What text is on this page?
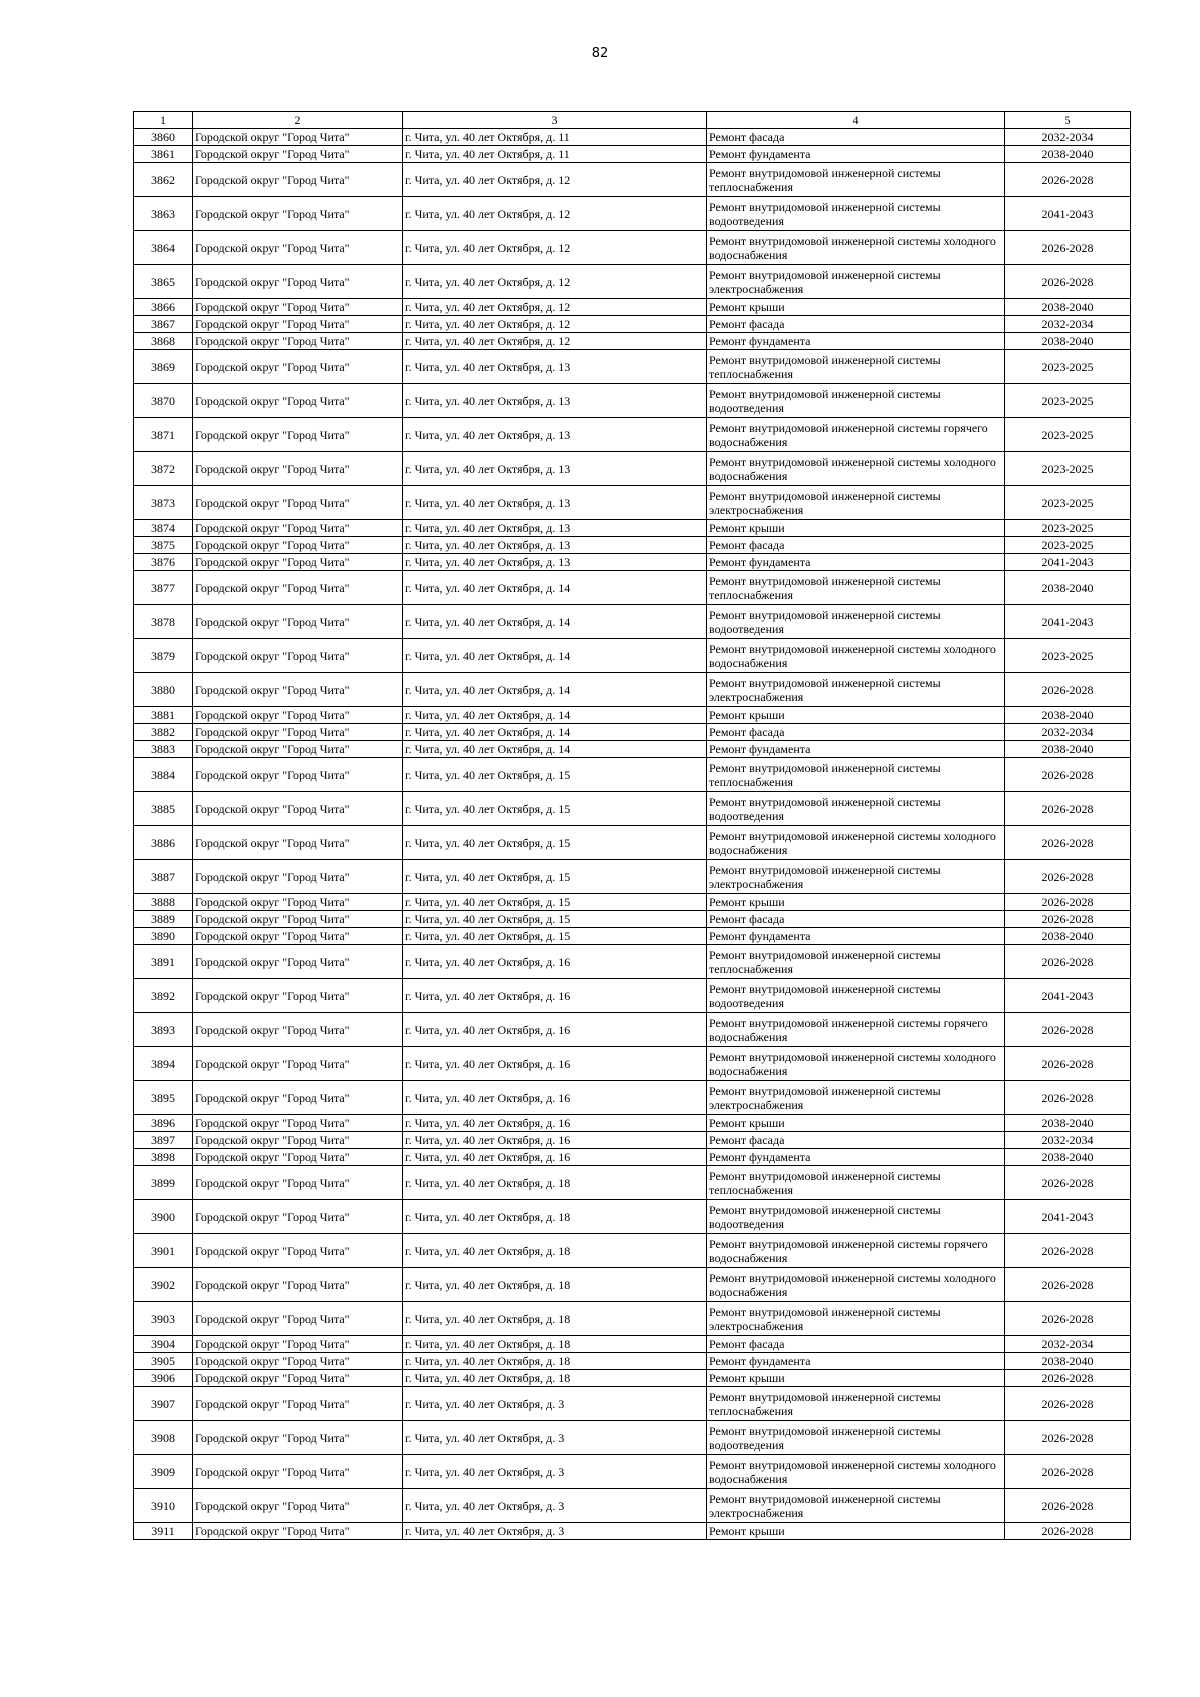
82
1	2	3	4	5
3860	Городской округ "Город Чита"	г. Чита, ул. 40 лет Октября, д. 11	Ремонт фасада	2032-2034
3861	Городской округ "Город Чита"	г. Чита, ул. 40 лет Октября, д. 11	Ремонт фундамента	2038-2040
3862	Городской округ "Город Чита"	г. Чита, ул. 40 лет Октября, д. 12	Ремонт внутридомовой инженерной системы теплоснабжения	2026-2028
3863	Городской округ "Город Чита"	г. Чита, ул. 40 лет Октября, д. 12	Ремонт внутридомовой инженерной системы водоотведения	2041-2043
3864	Городской округ "Город Чита"	г. Чита, ул. 40 лет Октября, д. 12	Ремонт внутридомовой инженерной системы холодного водоснабжения	2026-2028
3865	Городской округ "Город Чита"	г. Чита, ул. 40 лет Октября, д. 12	Ремонт внутридомовой инженерной системы электроснабжения	2026-2028
3866	Городской округ "Город Чита"	г. Чита, ул. 40 лет Октября, д. 12	Ремонт крыши	2038-2040
3867	Городской округ "Город Чита"	г. Чита, ул. 40 лет Октября, д. 12	Ремонт фасада	2032-2034
3868	Городской округ "Город Чита"	г. Чита, ул. 40 лет Октября, д. 12	Ремонт фундамента	2038-2040
3869	Городской округ "Город Чита"	г. Чита, ул. 40 лет Октября, д. 13	Ремонт внутридомовой инженерной системы теплоснабжения	2023-2025
3870	Городской округ "Город Чита"	г. Чита, ул. 40 лет Октября, д. 13	Ремонт внутридомовой инженерной системы водоотведения	2023-2025
3871	Городской округ "Город Чита"	г. Чита, ул. 40 лет Октября, д. 13	Ремонт внутридомовой инженерной системы горячего водоснабжения	2023-2025
3872	Городской округ "Город Чита"	г. Чита, ул. 40 лет Октября, д. 13	Ремонт внутридомовой инженерной системы холодного водоснабжения	2023-2025
3873	Городской округ "Город Чита"	г. Чита, ул. 40 лет Октября, д. 13	Ремонт внутридомовой инженерной системы электроснабжения	2023-2025
3874	Городской округ "Город Чита"	г. Чита, ул. 40 лет Октября, д. 13	Ремонт крыши	2023-2025
3875	Городской округ "Город Чита"	г. Чита, ул. 40 лет Октября, д. 13	Ремонт фасада	2023-2025
3876	Городской округ "Город Чита"	г. Чита, ул. 40 лет Октября, д. 13	Ремонт фундамента	2041-2043
3877	Городской округ "Город Чита"	г. Чита, ул. 40 лет Октября, д. 14	Ремонт внутридомовой инженерной системы теплоснабжения	2038-2040
3878	Городской округ "Город Чита"	г. Чита, ул. 40 лет Октября, д. 14	Ремонт внутридомовой инженерной системы водоотведения	2041-2043
3879	Городской округ "Город Чита"	г. Чита, ул. 40 лет Октября, д. 14	Ремонт внутридомовой инженерной системы холодного водоснабжения	2023-2025
3880	Городской округ "Город Чита"	г. Чита, ул. 40 лет Октября, д. 14	Ремонт внутридомовой инженерной системы электроснабжения	2026-2028
3881	Городской округ "Город Чита"	г. Чита, ул. 40 лет Октября, д. 14	Ремонт крыши	2038-2040
3882	Городской округ "Город Чита"	г. Чита, ул. 40 лет Октября, д. 14	Ремонт фасада	2032-2034
3883	Городской округ "Город Чита"	г. Чита, ул. 40 лет Октября, д. 14	Ремонт фундамента	2038-2040
3884	Городской округ "Город Чита"	г. Чита, ул. 40 лет Октября, д. 15	Ремонт внутридомовой инженерной системы теплоснабжения	2026-2028
3885	Городской округ "Город Чита"	г. Чита, ул. 40 лет Октября, д. 15	Ремонт внутридомовой инженерной системы водоотведения	2026-2028
3886	Городской округ "Город Чита"	г. Чита, ул. 40 лет Октября, д. 15	Ремонт внутридомовой инженерной системы холодного водоснабжения	2026-2028
3887	Городской округ "Город Чита"	г. Чита, ул. 40 лет Октября, д. 15	Ремонт внутридомовой инженерной системы электроснабжения	2026-2028
3888	Городской округ "Город Чита"	г. Чита, ул. 40 лет Октября, д. 15	Ремонт крыши	2026-2028
3889	Городской округ "Город Чита"	г. Чита, ул. 40 лет Октября, д. 15	Ремонт фасада	2026-2028
3890	Городской округ "Город Чита"	г. Чита, ул. 40 лет Октября, д. 15	Ремонт фундамента	2038-2040
3891	Городской округ "Город Чита"	г. Чита, ул. 40 лет Октября, д. 16	Ремонт внутридомовой инженерной системы теплоснабжения	2026-2028
3892	Городской округ "Город Чита"	г. Чита, ул. 40 лет Октября, д. 16	Ремонт внутридомовой инженерной системы водоотведения	2041-2043
3893	Городской округ "Город Чита"	г. Чита, ул. 40 лет Октября, д. 16	Ремонт внутридомовой инженерной системы горячего водоснабжения	2026-2028
3894	Городской округ "Город Чита"	г. Чита, ул. 40 лет Октября, д. 16	Ремонт внутридомовой инженерной системы холодного водоснабжения	2026-2028
3895	Городской округ "Город Чита"	г. Чита, ул. 40 лет Октября, д. 16	Ремонт внутридомовой инженерной системы электроснабжения	2026-2028
3896	Городской округ "Город Чита"	г. Чита, ул. 40 лет Октября, д. 16	Ремонт крыши	2038-2040
3897	Городской округ "Город Чита"	г. Чита, ул. 40 лет Октября, д. 16	Ремонт фасада	2032-2034
3898	Городской округ "Город Чита"	г. Чита, ул. 40 лет Октября, д. 16	Ремонт фундамента	2038-2040
3899	Городской округ "Город Чита"	г. Чита, ул. 40 лет Октября, д. 18	Ремонт внутридомовой инженерной системы теплоснабжения	2026-2028
3900	Городской округ "Город Чита"	г. Чита, ул. 40 лет Октября, д. 18	Ремонт внутридомовой инженерной системы водоотведения	2041-2043
3901	Городской округ "Город Чита"	г. Чита, ул. 40 лет Октября, д. 18	Ремонт внутридомовой инженерной системы горячего водоснабжения	2026-2028
3902	Городской округ "Город Чита"	г. Чита, ул. 40 лет Октября, д. 18	Ремонт внутридомовой инженерной системы холодного водоснабжения	2026-2028
3903	Городской округ "Город Чита"	г. Чита, ул. 40 лет Октября, д. 18	Ремонт внутридомовой инженерной системы электроснабжения	2026-2028
3904	Городской округ "Город Чита"	г. Чита, ул. 40 лет Октября, д. 18	Ремонт фасада	2032-2034
3905	Городской округ "Город Чита"	г. Чита, ул. 40 лет Октября, д. 18	Ремонт фундамента	2038-2040
3906	Городской округ "Город Чита"	г. Чита, ул. 40 лет Октября, д. 18	Ремонт крыши	2026-2028
3907	Городской округ "Город Чита"	г. Чита, ул. 40 лет Октября, д. 3	Ремонт внутридомовой инженерной системы теплоснабжения	2026-2028
3908	Городской округ "Город Чита"	г. Чита, ул. 40 лет Октября, д. 3	Ремонт внутридомовой инженерной системы водоотведения	2026-2028
3909	Городской округ "Город Чита"	г. Чита, ул. 40 лет Октября, д. 3	Ремонт внутридомовой инженерной системы холодного водоснабжения	2026-2028
3910	Городской округ "Город Чита"	г. Чита, ул. 40 лет Октября, д. 3	Ремонт внутридомовой инженерной системы электроснабжения	2026-2028
3911	Городской округ "Город Чита"	г. Чита, ул. 40 лет Октября, д. 3	Ремонт крыши	2026-2028
